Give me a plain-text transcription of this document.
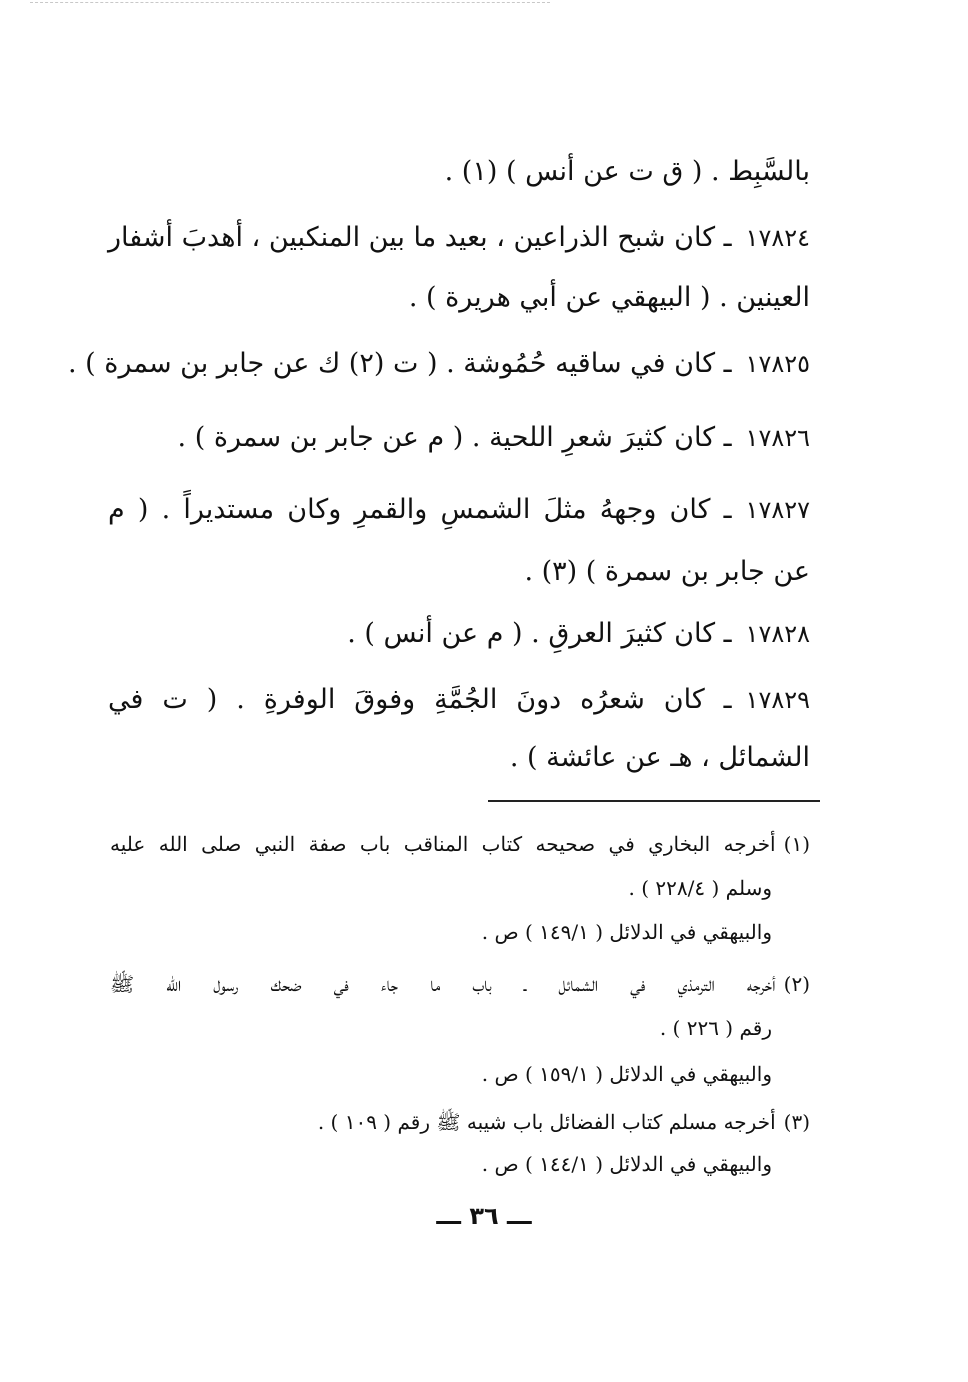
بالسَّبِط . ( ق ت عن أنس ) (١) .
١٧٨٢٤ـ كان شبح الذراعين ، بعيد ما بين المنكبين ، أهدبَ أشفار
العينين . ( البيهقي عن أبي هريرة ) .
١٧٨٢٥ـ كان في ساقيه حُمُوشة . ( ت (٢) ك عن جابر بن سمرة ) .
١٧٨٢٦ـ كان كثيرَ شعرِ اللحية . ( م عن جابر بن سمرة ) .
١٧٨٢٧ـ كان وجههُ مثلَ الشمسِ والقمرِ وكان مستديراً . ( م
عن جابر بن سمرة ) (٣) .
١٧٨٢٨ـ كان كثيرَ العرقِ . ( م عن أنس ) .
١٧٨٢٩ـ كان شعرُه دونَ الجُمَّةِ وفوقَ الوفرةِ . ( ت في
الشمائل ، هـ عن عائشة ) .
(١)أخرجه البخاري في صحيحه كتاب المناقب باب صفة النبي صلى الله عليه
وسلم ( ٢٢٨/٤ ) .
والبيهقي في الدلائل ( ١٤٩/١ ) ص .
(٢)أخرجه الترمذي في الشمائل ـ باب ما جاء في ضحك رسول الله ﷺ
رقم ( ٢٢٦ ) .
والبيهقي في الدلائل ( ١٥٩/١ ) ص .
(٣)أخرجه مسلم كتاب الفضائل باب شيبه ﷺ رقم ( ١٠٩ ) .
والبيهقي في الدلائل ( ١٤٤/١ ) ص .
ـــ ٣٦ ـــ
